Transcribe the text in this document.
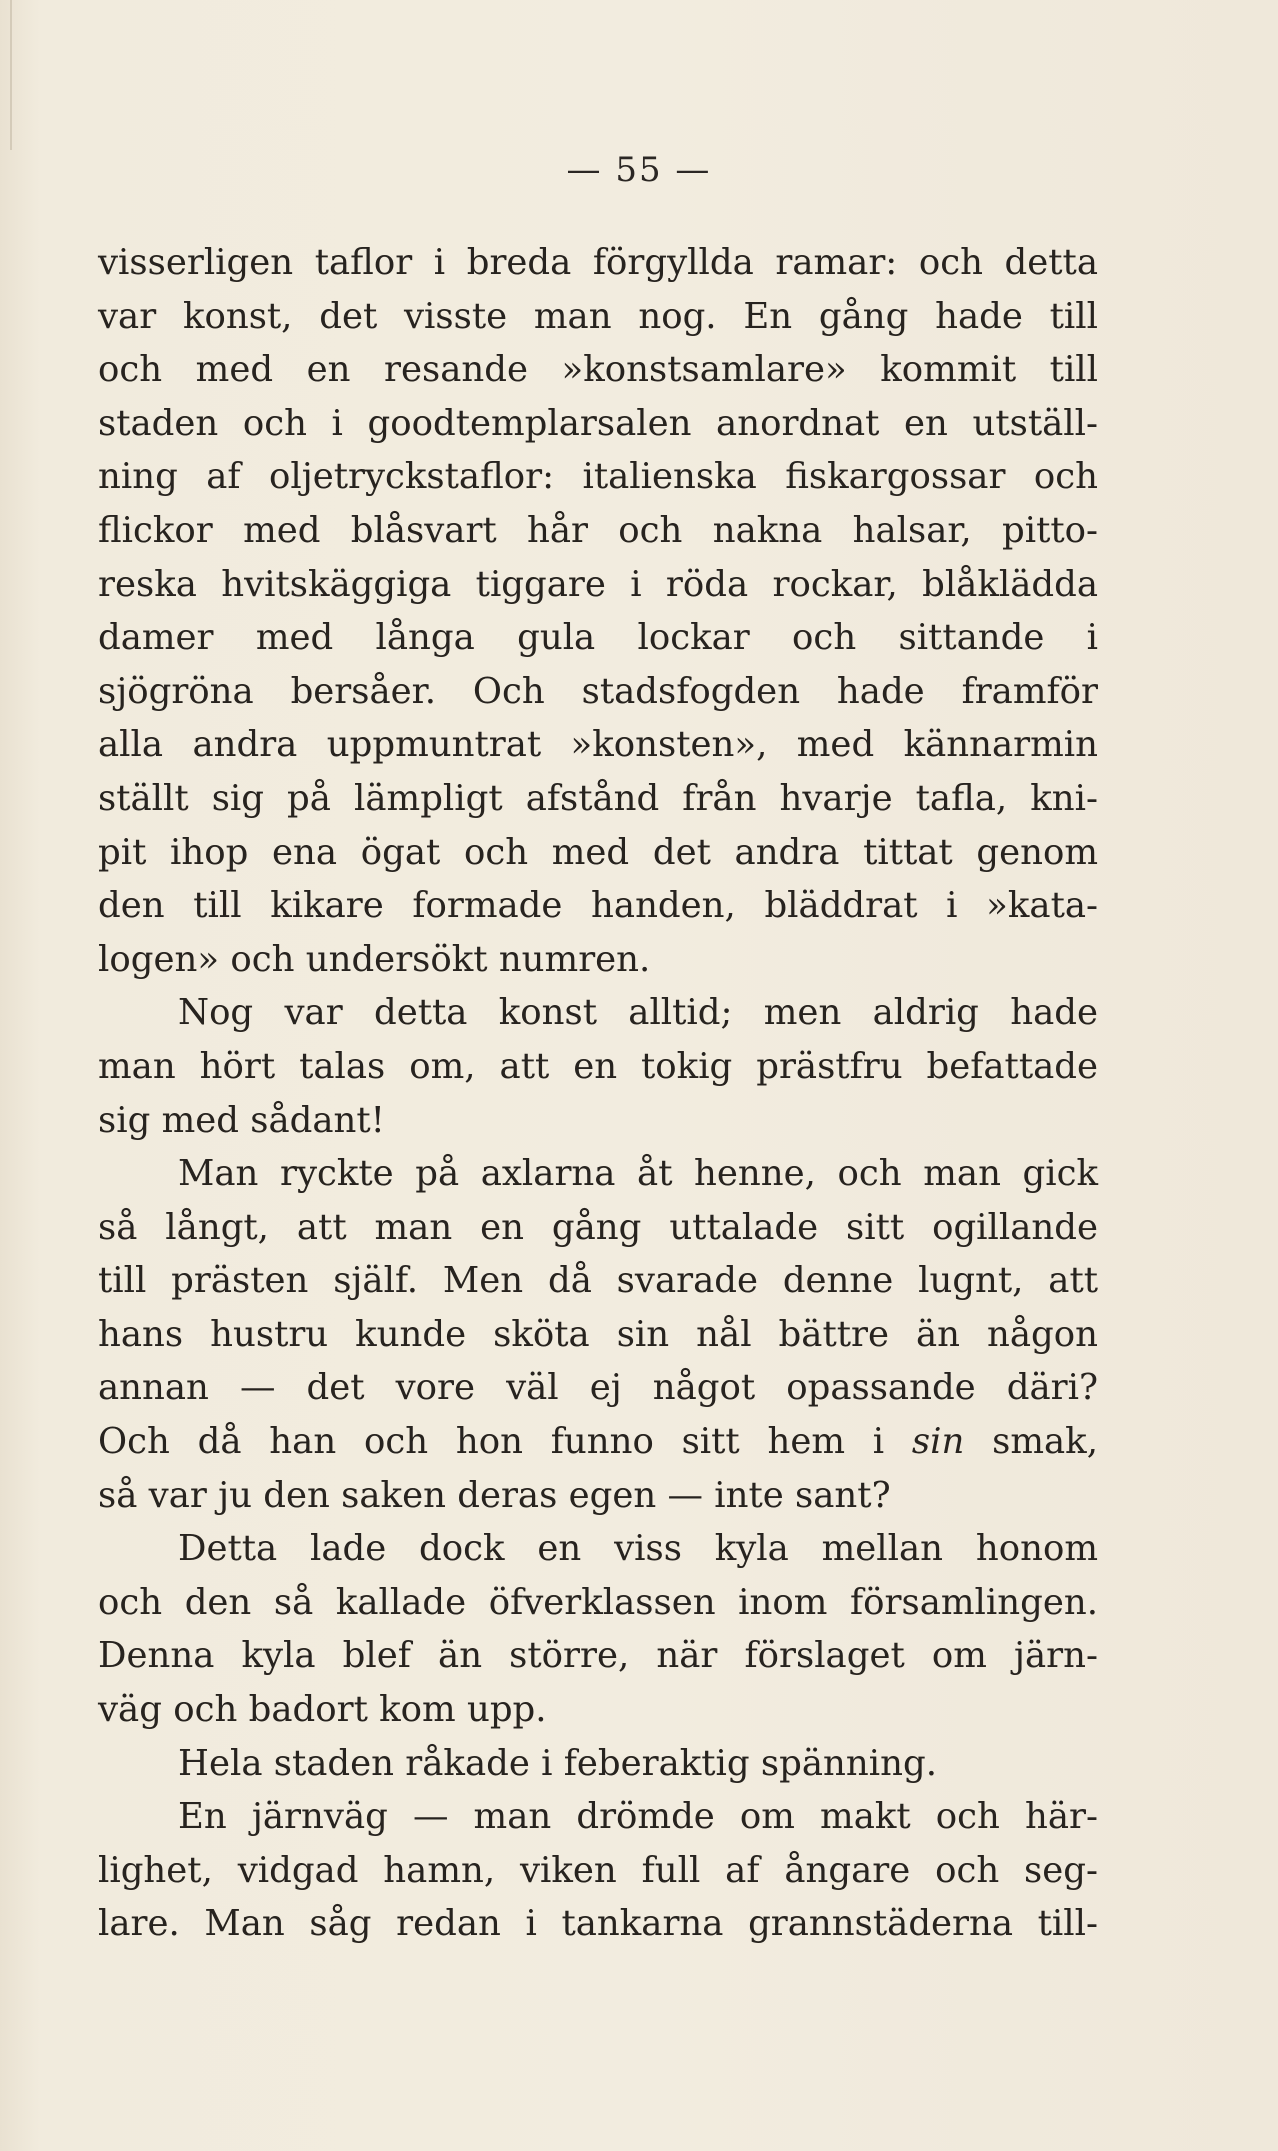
— 55 —
visserligen taflor i breda förgyllda ramar: och detta
var konst, det visste man nog. En gång hade till
och med en resande »konstsamlare» kommit till
staden och i goodtemplarsalen anordnat en utställ-
ning af oljetryckstaflor: italienska fiskargossar och
flickor med blåsvart hår och nakna halsar, pitto-
reska hvitskäggiga tiggare i röda rockar, blåklädda
damer med långa gula lockar och sittande i
sjögröna bersåer. Och stadsfogden hade framför
alla andra uppmuntrat »konsten», med kännarmin
ställt sig på lämpligt afstånd från hvarje tafla, kni-
pit ihop ena ögat och med det andra tittat genom
den till kikare formade handen, bläddrat i »kata-
logen» och undersökt numren.
Nog var detta konst alltid; men aldrig hade
man hört talas om, att en tokig prästfru befattade
sig med sådant!
Man ryckte på axlarna åt henne, och man gick
så långt, att man en gång uttalade sitt ogillande
till prästen själf. Men då svarade denne lugnt, att
hans hustru kunde sköta sin nål bättre än någon
annan — det vore väl ej något opassande däri?
Och då han och hon funno sitt hem i sin smak,
så var ju den saken deras egen — inte sant?
Detta lade dock en viss kyla mellan honom
och den så kallade öfverklassen inom församlingen.
Denna kyla blef än större, när förslaget om järn-
väg och badort kom upp.
Hela staden råkade i feberaktig spänning.
En järnväg — man drömde om makt och här-
lighet, vidgad hamn, viken full af ångare och seg-
lare. Man såg redan i tankarna grannstäderna till-
